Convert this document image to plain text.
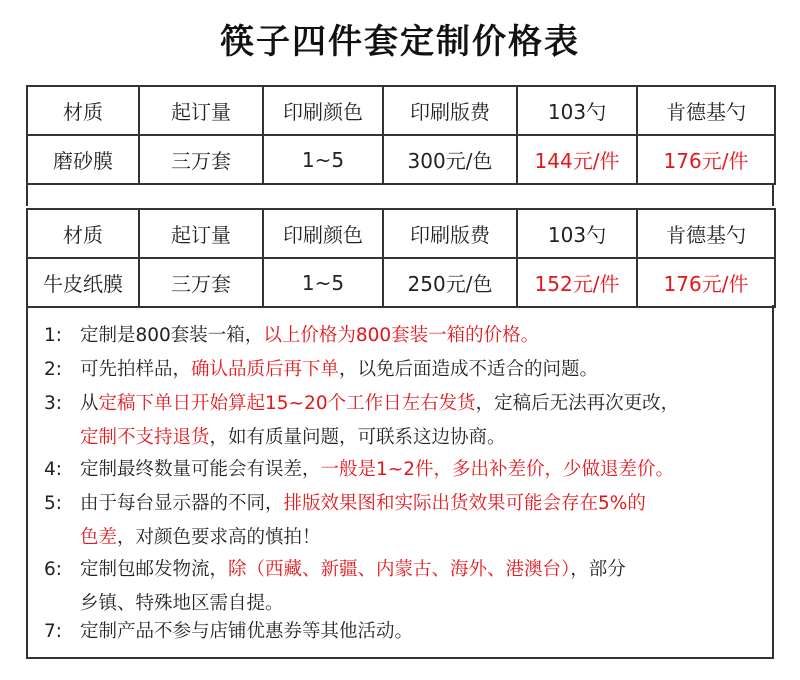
筷子四件套定制价格表
材质	起订量	印刷颜色	印刷版费	103勺	肯德基勺
磨砂膜	三万套	1~5	300元/色	144元/件	176元/件
材质	起订量	印刷颜色	印刷版费	103勺	肯德基勺
牛皮纸膜	三万套	1~5	250元/色	152元/件	176元/件
1: 定制是800套装一箱，以上价格为800套装一箱的价格。
2: 可先拍样品，确认品质后再下单，以免后面造成不适合的问题。
3: 从定稿下单日开始算起15~20个工作日左右发货，定稿后无法再次更改，
定制不支持退货，如有质量问题，可联系这边协商。
4: 定制最终数量可能会有误差，一般是1~2件，多出补差价，少做退差价。
5: 由于每台显示器的不同，排版效果图和实际出货效果可能会存在5%的
色差，对颜色要求高的慎拍！
6: 定制包邮发物流，除（西藏、新疆、内蒙古、海外、港澳台），部分
乡镇、特殊地区需自提。
7: 定制产品不参与店铺优惠券等其他活动。
